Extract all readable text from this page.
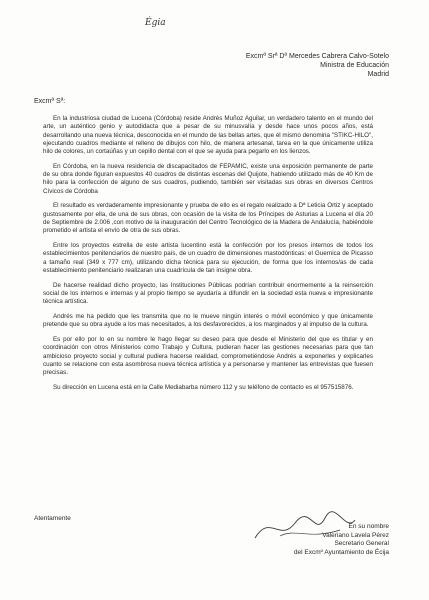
Égia
Excmª Srª Dª Mercedes Cabrera Calvo-Sotelo
Ministra de Educación
Madrid
Excmª Sª:

En la industriosa ciudad de Lucena (Córdoba) reside Andrés Muñoz Aguilar, un verdadero talento en el mundo del arte, un auténtico genio y autodidacta que a pesar de su minusvalía y desde hace unos pocos años, está desarrollando una nueva técnica, desconocida en el mundo de las bellas artes, que él mismo denomina "STIKC-HILO", ejecutando cuadros mediante el relleno de dibujos con hilo, de manera artesanal, tarea en la que únicamente utiliza hilo de colores, un cortaúñas y un cepillo dental con el que se ayuda para pegarlo en los lienzos.

En Córdoba, en la nueva residencia de discapacitados de FEPAMIC, existe una exposición permanente de parte de su obra donde figuran expuestos 40 cuadros de distintas escenas del Quijote, habiendo utilizado más de 40 Km de hilo para la confección de alguno de sus cuadros, pudiendo, también ser visitadas sus obras en diversos Centros Cívicos de Córdoba

El resultado es verdaderamente impresionante y prueba de ello es el regalo realizado a Dª Leticia Ortiz y aceptado gustosamente por ella, de una de sus obras, con ocasión de la visita de los Príncipes de Asturias a Lucena el día 20 de Septiembre de 2.006 ,con motivo de la inauguración del Centro Tecnológico de la Madera de Andalucía, habiéndole prometido el artista el envío de otra de sus obras.

Entre los proyectos estrella de este artista lucentino está la confección por los presos internos de todos los establecimientos penitenciarios de nuestro país, de un cuadro de dimensiones mastodónticas: el Guernica de Picasso a tamaño real (349 x 777 cm), utilizando dicha técnica para su ejecución, de forma que los internos/as de cada establecimiento penitenciario realizaran una cuadrícula de tan insigne obra.

De hacerse realidad dicho proyecto, las Instituciones Públicas podrían contribuir enormemente a la reinserción social de los internos e internas y al propio tiempo se ayudaría a difundir en la sociedad esta nueva e impresionante técnica artística.

Andrés me ha pedido que les transmita que no le mueve ningún interés o móvil económico y que únicamente pretende que su obra ayude a los mas necesitados, a los desfavorecidos, a los marginados y al impulso de la cultura.

Es por ello por lo en su nombre le hago llegar su deseo para que desde el Ministerio del que es titular y en coordinación con otros Ministerios como Trabajo y Cultura, pudieran hacer las gestiones necesarias para que tan ambicioso proyecto social y cultural pudiera hacerse realidad, comprometiéndose Andrés a exponerles y explicarles cuanto se relacione con esta asombrosa nueva técnica artística y a personarse y mantener las entrevistas que fuesen precisas.

Su dirección en Lucena está en la Calle Mediabarba número 112 y su teléfono de contacto es el 957515876.

Atentamente
En su nombre
Valeriano Lavela Pérez
Secretario General
del Excmº Ayuntamiento de Écija
